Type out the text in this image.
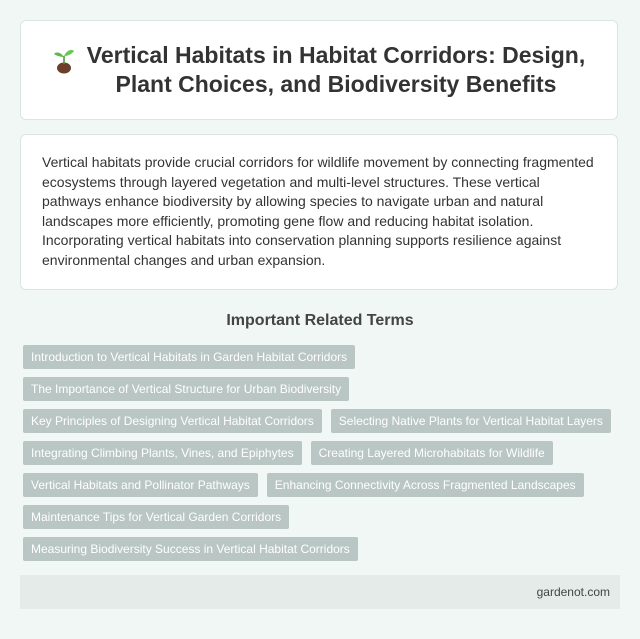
Vertical Habitats in Habitat Corridors: Design, Plant Choices, and Biodiversity Benefits

Vertical habitats provide crucial corridors for wildlife movement by connecting fragmented ecosystems through layered vegetation and multi-level structures. These vertical pathways enhance biodiversity by allowing species to navigate urban and natural landscapes more efficiently, promoting gene flow and reducing habitat isolation. Incorporating vertical habitats into conservation planning supports resilience against environmental changes and urban expansion.

Important Related Terms
Introduction to Vertical Habitats in Garden Habitat Corridors
The Importance of Vertical Structure for Urban Biodiversity
Key Principles of Designing Vertical Habitat Corridors	Selecting Native Plants for Vertical Habitat Layers
Integrating Climbing Plants, Vines, and Epiphytes	Creating Layered Microhabitats for Wildlife
Vertical Habitats and Pollinator Pathways	Enhancing Connectivity Across Fragmented Landscapes
Maintenance Tips for Vertical Garden Corridors
Measuring Biodiversity Success in Vertical Habitat Corridors
gardenot.com
